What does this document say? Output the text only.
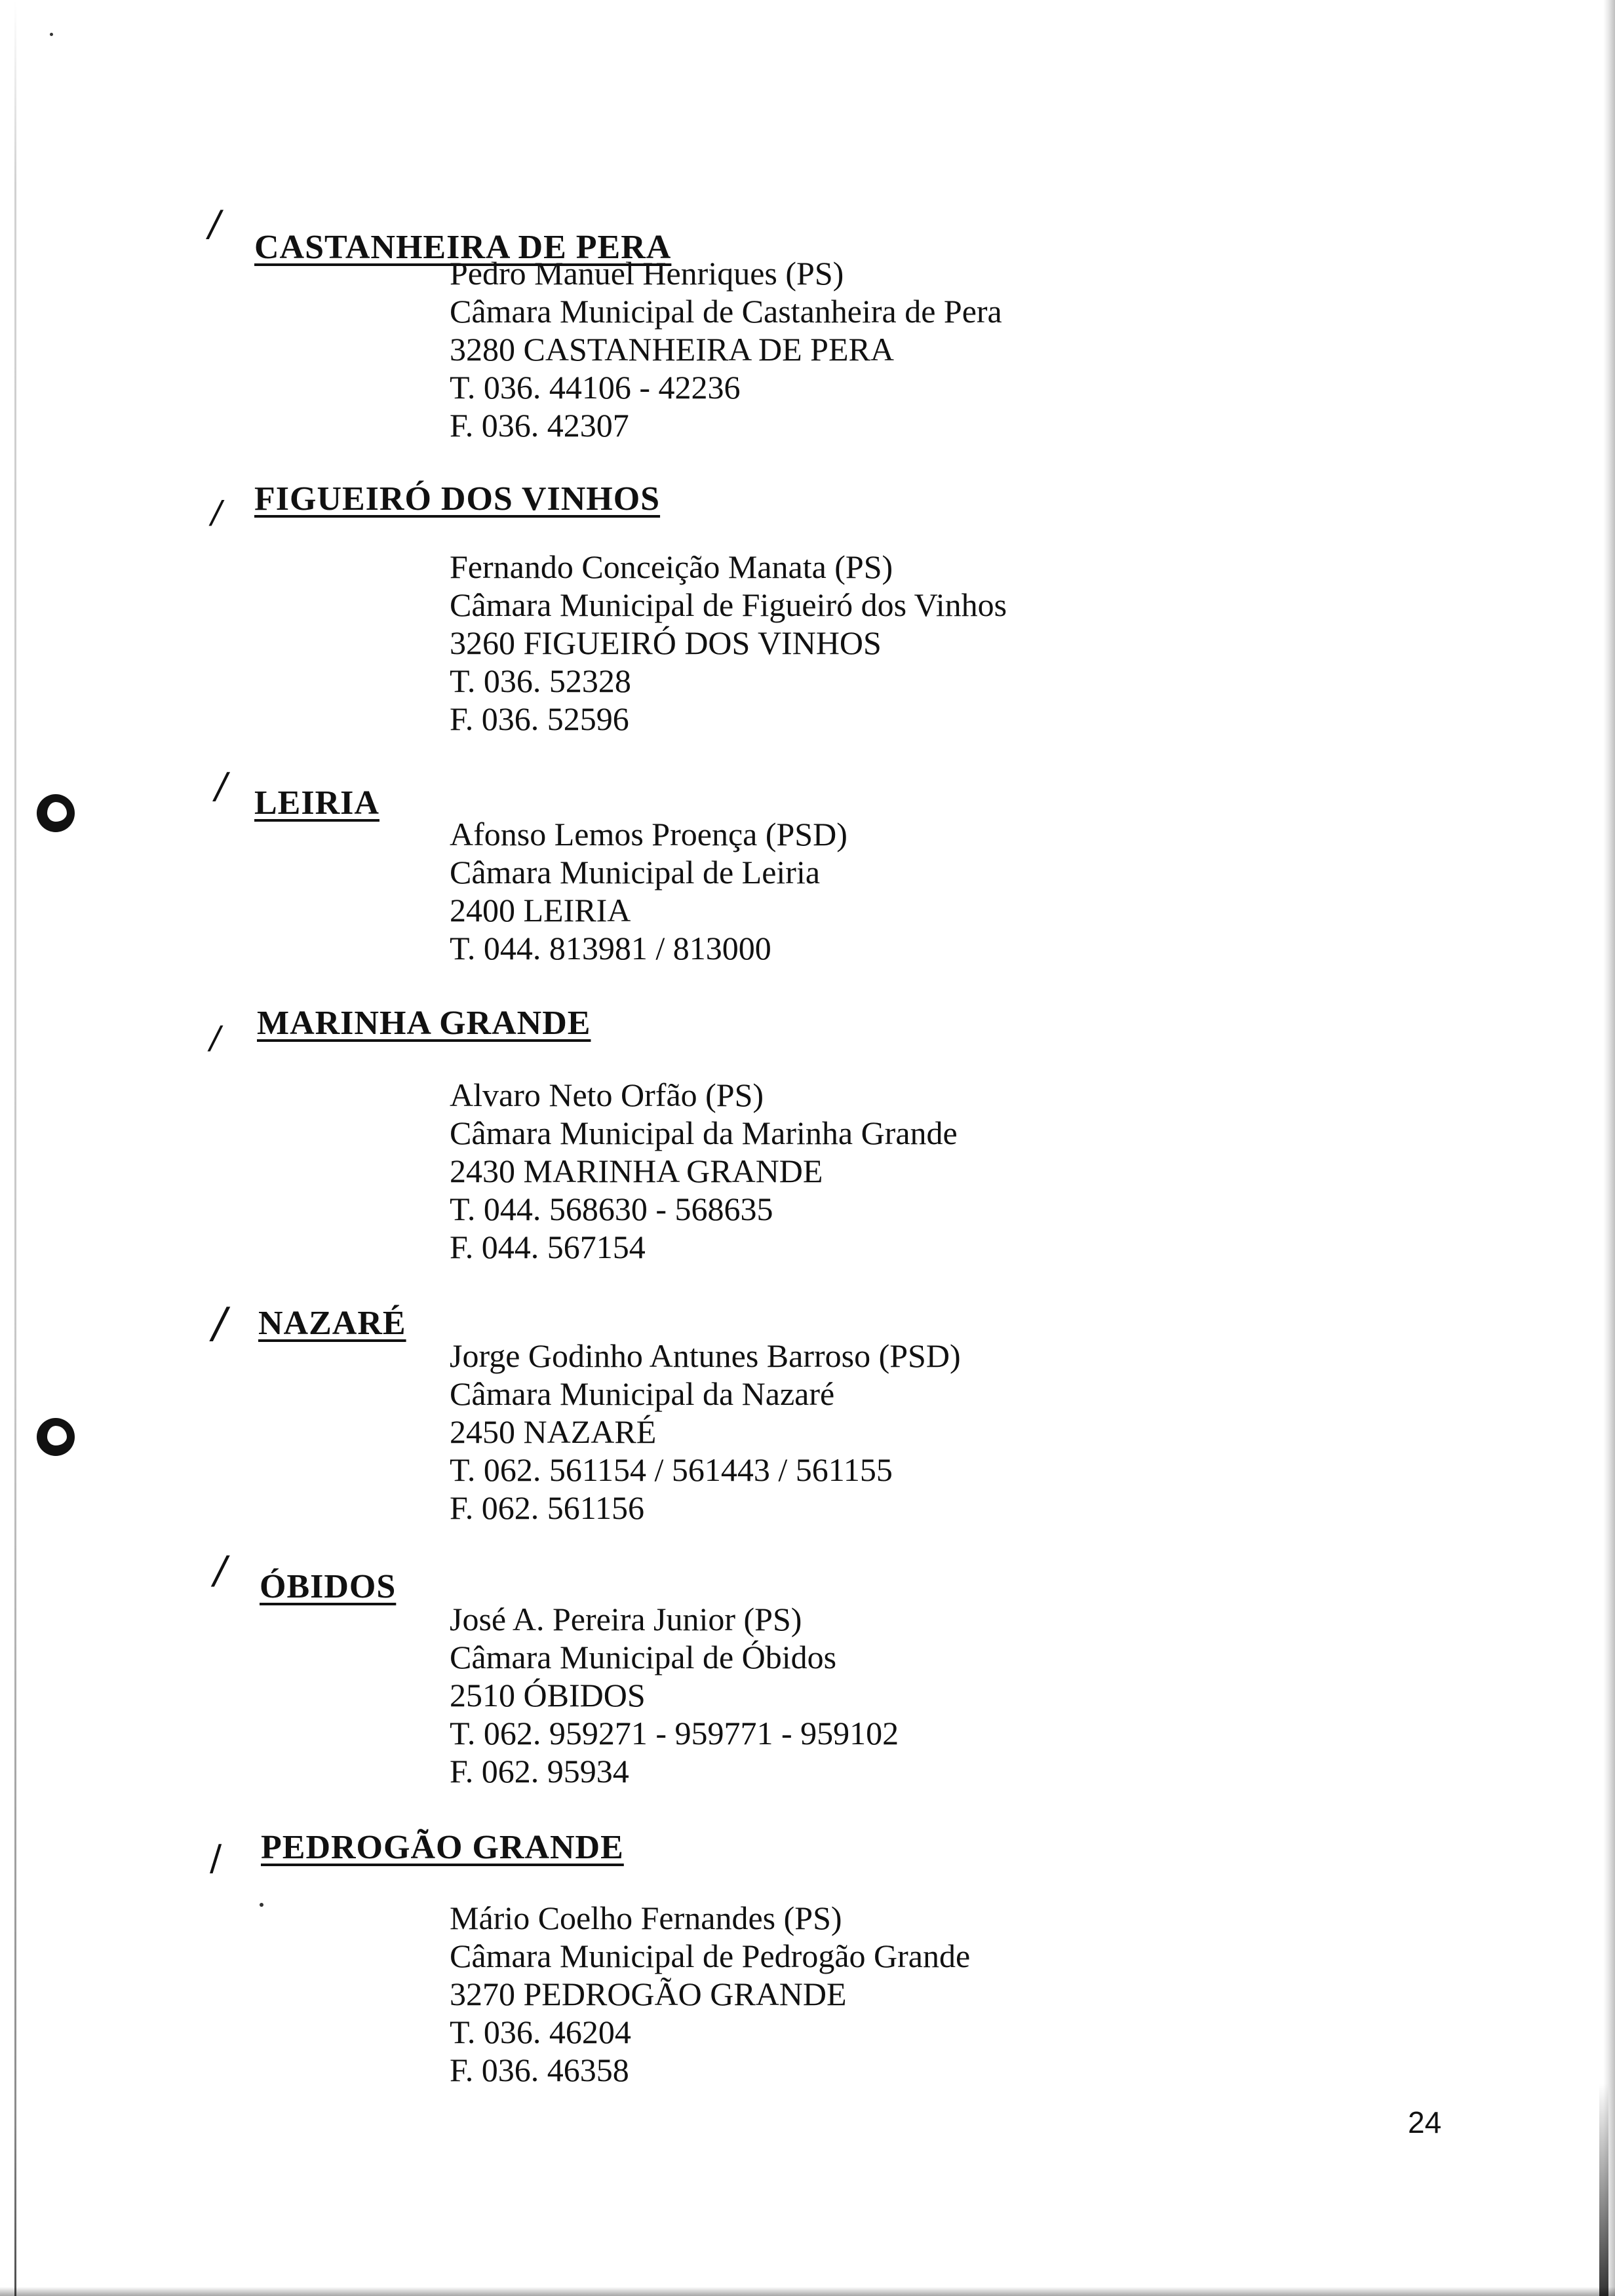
/
CASTANHEIRA DE PERA
Pedro Manuel Henriques (PS)
Câmara Municipal de Castanheira de Pera
3280 CASTANHEIRA DE PERA
T. 036. 44106 - 42236
F. 036. 42307
/ FIGUEIRÓ DOS VINHOS
Fernando Conceição Manata (PS)
Câmara Municipal de Figueiró dos Vinhos
3260 FIGUEIRÓ DOS VINHOS
T. 036. 52328
F. 036. 52596
/ LEIRIA
Afonso Lemos Proença (PSD)
Câmara Municipal de Leiria
2400 LEIRIA
T. 044. 813981 / 813000
/ MARINHA GRANDE
Alvaro Neto Orfão (PS)
Câmara Municipal da Marinha Grande
2430 MARINHA GRANDE
T. 044. 568630 - 568635
F. 044. 567154
/ NAZARÉ
Jorge Godinho Antunes Barroso (PSD)
Câmara Municipal da Nazaré
2450 NAZARÉ
T. 062. 561154 / 561443 / 561155
F. 062. 561156
/ ÓBIDOS
José A. Pereira Junior (PS)
Câmara Municipal de Óbidos
2510 ÓBIDOS
T. 062. 959271 - 959771 - 959102
F. 062. 95934
/ PEDROGÃO GRANDE
Mário Coelho Fernandes (PS)
Câmara Municipal de Pedrogão Grande
3270 PEDROGÃO GRANDE
T. 036. 46204
F. 036. 46358
24
